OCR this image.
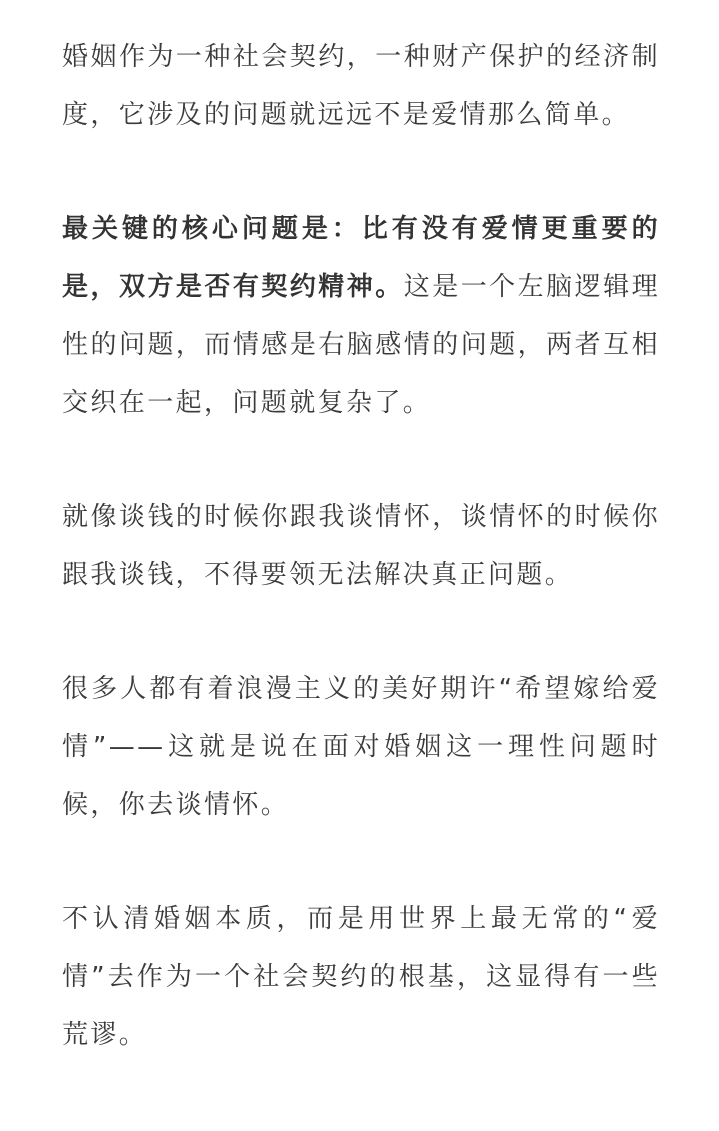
婚姻作为一种社会契约，一种财产保护的经济制度，它涉及的问题就远远不是爱情那么简单。

最关键的核心问题是：比有没有爱情更重要的是，双方是否有契约精神。这是一个左脑逻辑理性的问题，而情感是右脑感情的问题，两者互相交织在一起，问题就复杂了。

就像谈钱的时候你跟我谈情怀，谈情怀的时候你跟我谈钱，不得要领无法解决真正问题。

很多人都有着浪漫主义的美好期许“希望嫁给爱情”——这就是说在面对婚姻这一理性问题时候，你去谈情怀。

不认清婚姻本质，而是用世界上最无常的“爱情”去作为一个社会契约的根基，这显得有一些荒谬。
